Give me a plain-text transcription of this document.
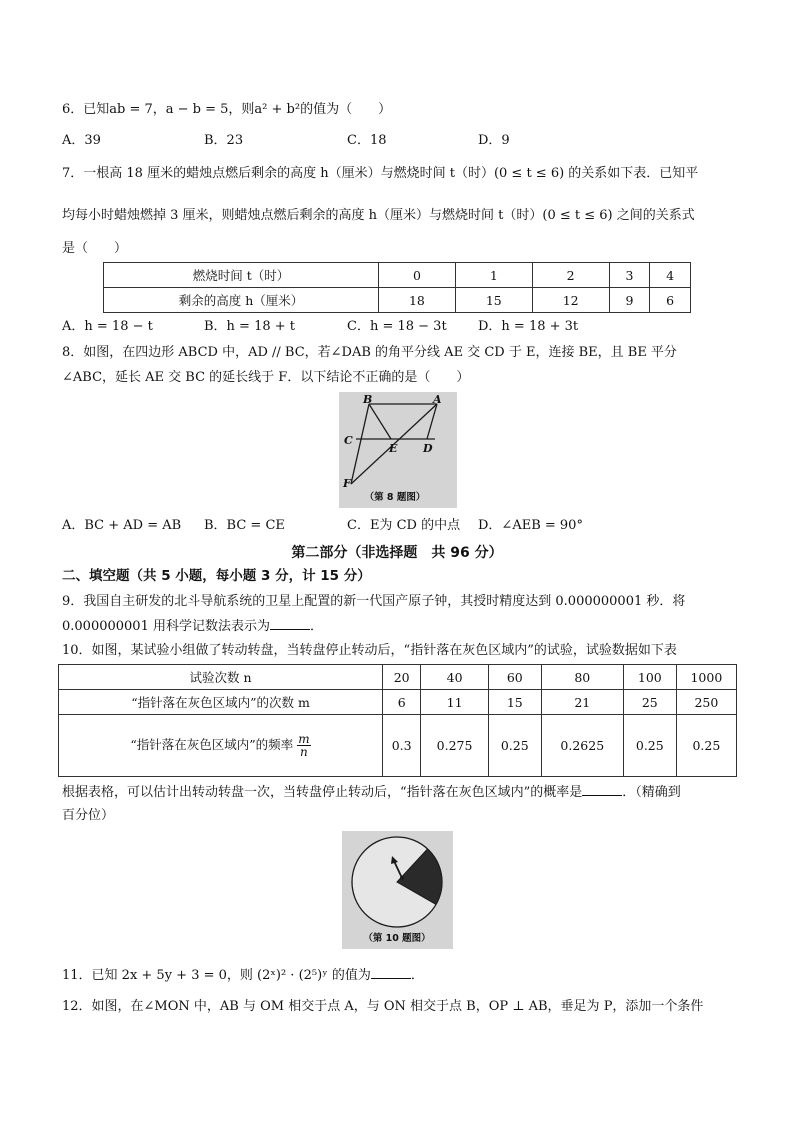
6．已知ab = 7，a − b = 5，则a² + b²的值为（　　）
A．39	B．23	C．18	D．9
7．一根高 18 厘米的蜡烛点燃后剩余的高度 h（厘米）与燃烧时间 t（时）(0 ≤ t ≤ 6) 的关系如下表．已知平
均每小时蜡烛燃掉 3 厘米，则蜡烛点燃后剩余的高度 h（厘米）与燃烧时间 t（时）(0 ≤ t ≤ 6) 之间的关系式
是（　　）
燃烧时间 t（时）	0	1	2	3	4
剩余的高度 h（厘米）	18	15	12	9	6
A．h = 18 − t	B．h = 18 + t	C．h = 18 − 3t D．h = 18 + 3t
8．如图，在四边形 ABCD 中，AD // BC，若∠DAB 的角平分线 AE 交 CD 于 E，连接 BE，且 BE 平分
∠ABC，延长 AE 交 BC 的延长线于 F．以下结论不正确的是（　　）
B	A
C
E D
F
（第 8 题图）
A．BC + AD = AB B．BC = CE	C．E为 CD 的中点 D．∠AEB = 90°
第二部分（非选择题　共 96 分）
二、填空题（共 5 小题，每小题 3 分，计 15 分）
9．我国自主研发的北斗导航系统的卫星上配置的新一代国产原子钟，其授时精度达到 0.000000001 秒．将
0.000000001 用科学记数法表示为	．
10．如图，某试验小组做了转动转盘，当转盘停止转动后，“指针落在灰色区域内”的试验，试验数据如下表
试验次数 n	20	40	60	80	100	1000
“指针落在灰色区域内”的次数 m	6	11	15	21	25	250
“指针落在灰色区域内”的频率 $\frac{m}{n}$	0.3	0.275	0.25	0.2625	0.25	0.25
根据表格，可以估计出转动转盘一次，当转盘停止转动后，“指针落在灰色区域内”的概率是	．（精确到
百分位）
（第 10 题图）
11．已知 2x + 5y + 3 = 0，则 (2ˣ)² · (2⁵)ʸ 的值为	．
12．如图，在∠MON 中，AB 与 OM 相交于点 A，与 ON 相交于点 B，OP ⊥ AB，垂足为 P，添加一个条件
